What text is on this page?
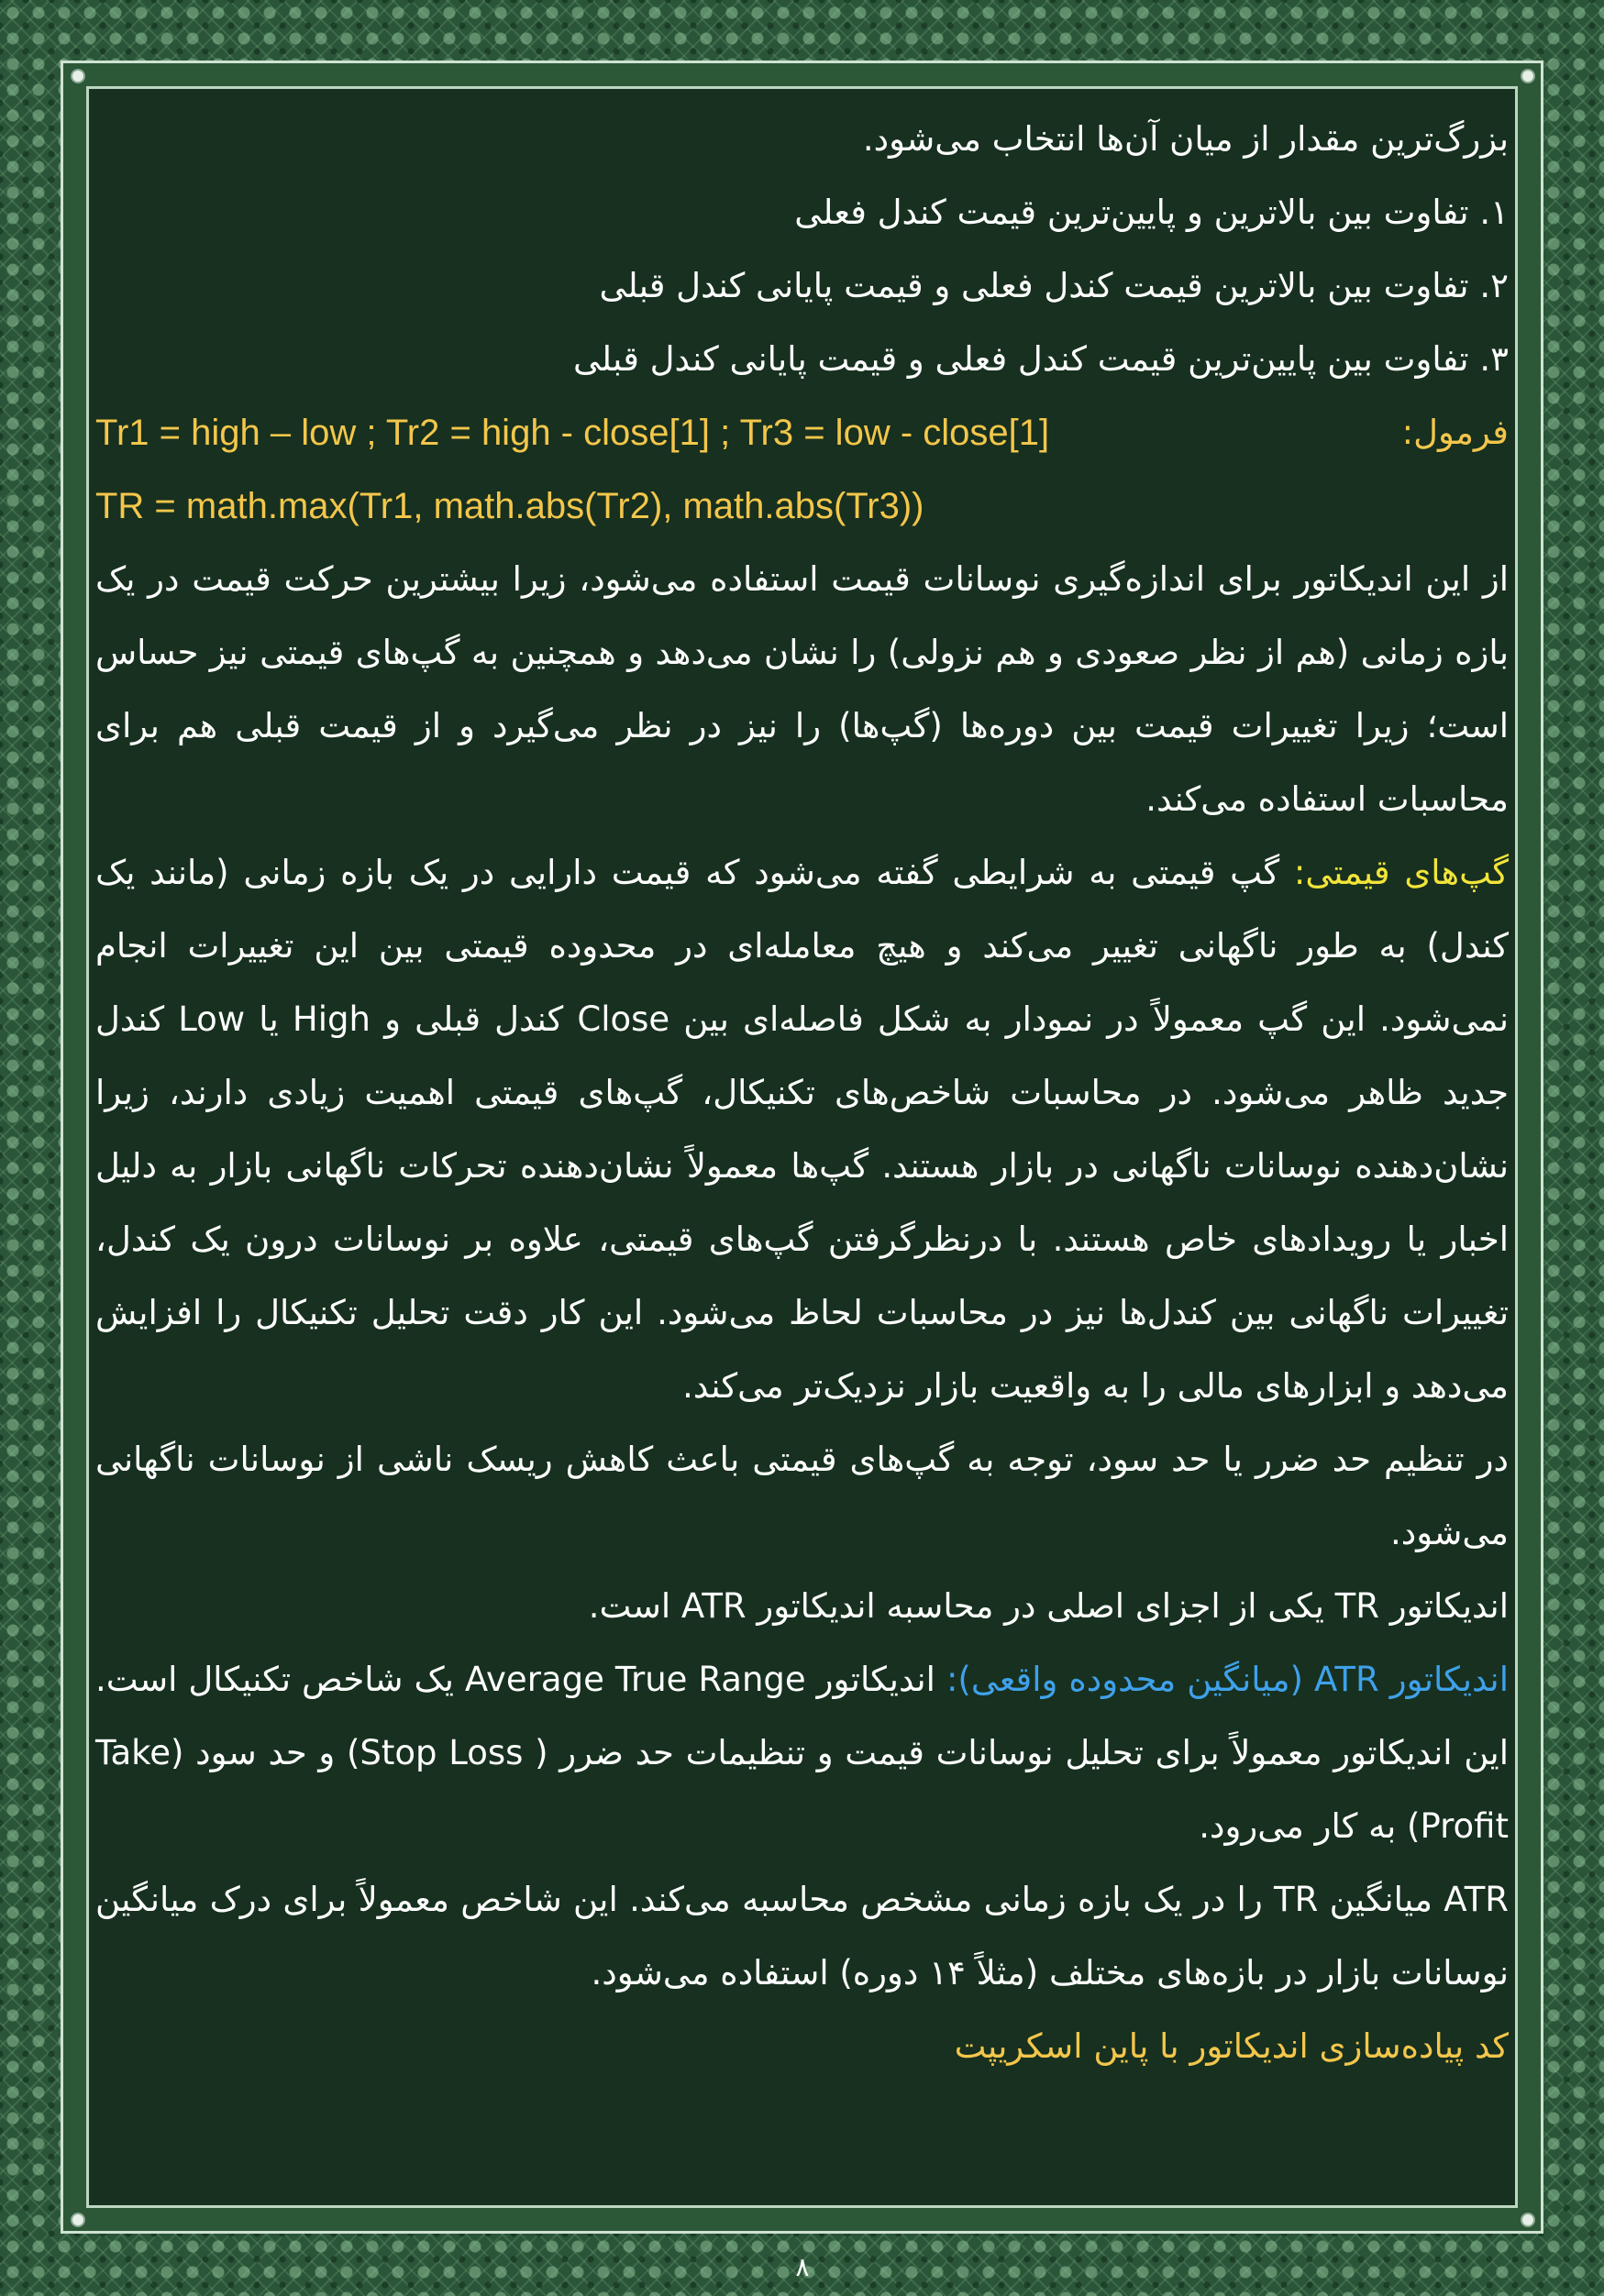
بزرگ‌ترین مقدار از میان آن‌ها انتخاب می‌شود.

۱. تفاوت بین بالاترین و پایین‌ترین قیمت کندل فعلی

۲. تفاوت بین بالاترین قیمت کندل فعلی و قیمت پایانی کندل قبلی

۳. تفاوت بین پایین‌ترین قیمت کندل فعلی و قیمت پایانی کندل قبلی

فرمول:
Tr1 = high – low ; Tr2 = high - close[1] ; Tr3 = low - close[1]
TR = math.max(Tr1, math.abs(Tr2), math.abs(Tr3))

از این اندیکاتور برای اندازه‌گیری نوسانات قیمت استفاده می‌شود، زیرا بیشترین حرکت قیمت در یک بازه زمانی (هم از نظر صعودی و هم نزولی) را نشان می‌دهد و همچنین به گپ‌های قیمتی نیز حساس است؛ زیرا تغییرات قیمت بین دوره‌ها (گپ‌ها) را نیز در نظر می‌گیرد و از قیمت قبلی هم برای محاسبات استفاده می‌کند.

گپ‌های قیمتی: گپ قیمتی به شرایطی گفته می‌شود که قیمت دارایی در یک بازه زمانی (مانند یک کندل) به طور ناگهانی تغییر می‌کند و هیچ معامله‌ای در محدوده قیمتی بین این تغییرات انجام نمی‌شود. این گپ معمولاً در نمودار به شکل فاصله‌ای بین Close کندل قبلی و High یا Low کندل جدید ظاهر می‌شود. در محاسبات شاخص‌های تکنیکال، گپ‌های قیمتی اهمیت زیادی دارند، زیرا نشان‌دهنده نوسانات ناگهانی در بازار هستند. گپ‌ها معمولاً نشان‌دهنده تحرکات ناگهانی بازار به دلیل اخبار یا رویدادهای خاص هستند. با درنظرگرفتن گپ‌های قیمتی، علاوه بر نوسانات درون یک کندل، تغییرات ناگهانی بین کندل‌ها نیز در محاسبات لحاظ می‌شود. این کار دقت تحلیل تکنیکال را افزایش می‌دهد و ابزارهای مالی را به واقعیت بازار نزدیک‌تر می‌کند.

در تنظیم حد ضرر یا حد سود، توجه به گپ‌های قیمتی باعث کاهش ریسک ناشی از نوسانات ناگهانی می‌شود.

اندیکاتور TR یکی از اجزای اصلی در محاسبه اندیکاتور ATR است.

اندیکاتور ATR (میانگین محدوده واقعی): اندیکاتور Average True Range یک شاخص تکنیکال است. این اندیکاتور معمولاً برای تحلیل نوسانات قیمت و تنظیمات حد ضرر ( Stop Loss) و حد سود (Take Profit) به کار می‌رود.

ATR میانگین TR را در یک بازه زمانی مشخص محاسبه می‌کند. این شاخص معمولاً برای درک میانگین نوسانات بازار در بازه‌های مختلف (مثلاً ۱۴ دوره) استفاده می‌شود.

کد پیاده‌سازی اندیکاتور با پاین اسکریپت

۸
